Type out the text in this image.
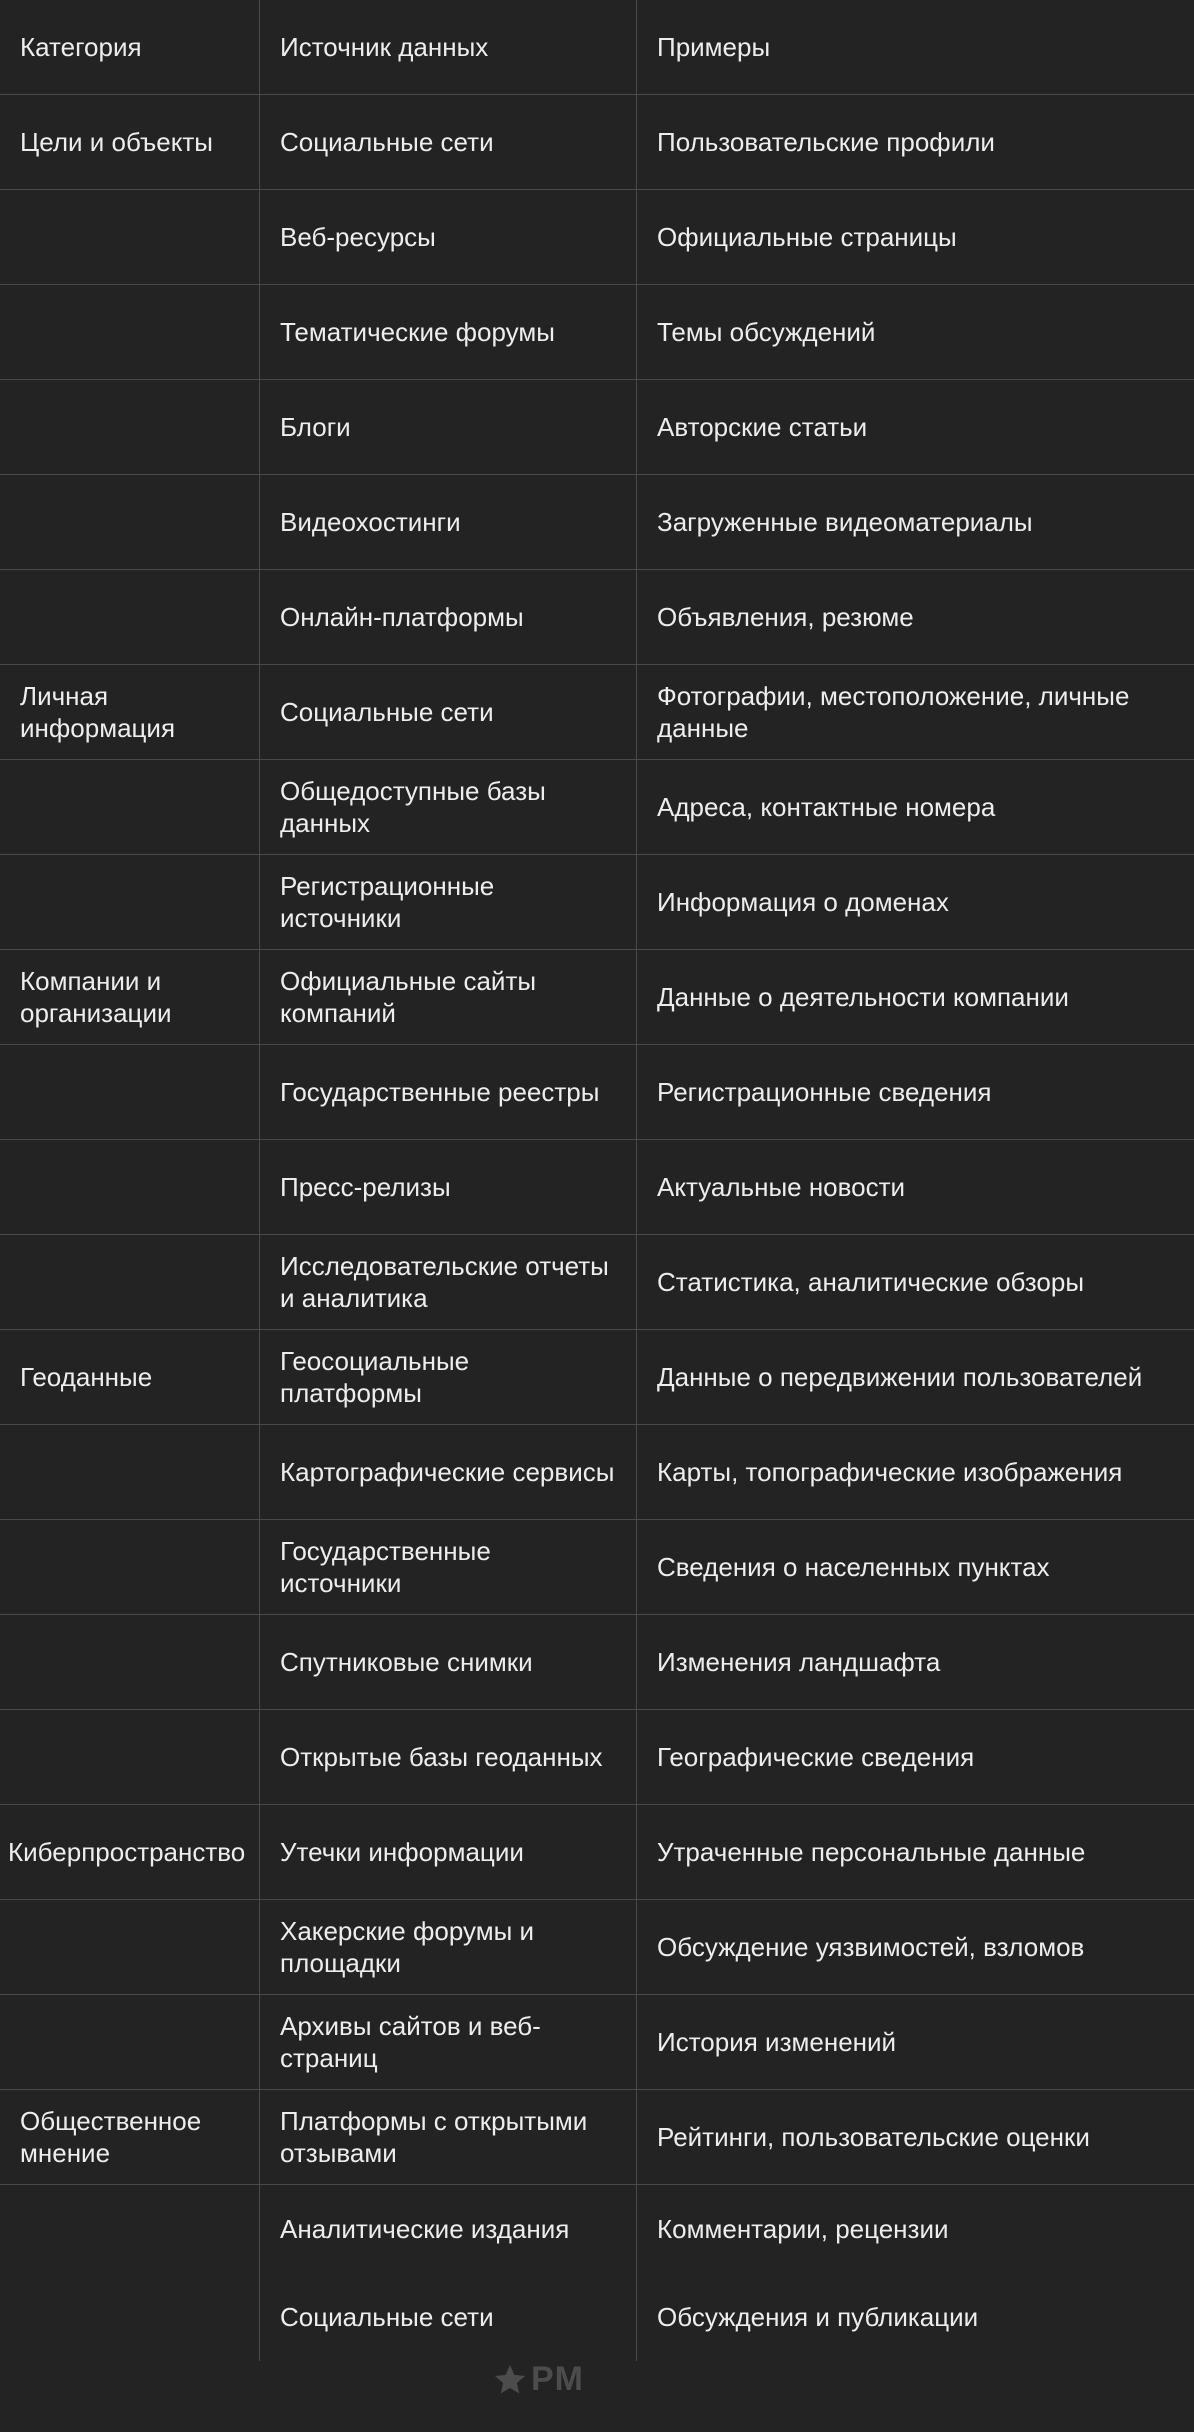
Категория	Источник данных	Примеры
Цели и объекты	Социальные сети	Пользовательские профили
	Веб-ресурсы	Официальные страницы
	Тематические форумы	Темы обсуждений
	Блоги	Авторские статьи
	Видеохостинги	Загруженные видеоматериалы
	Онлайн-платформы	Объявления, резюме
Личная информация	Социальные сети	Фотографии, местоположение, личные данные
	Общедоступные базы данных	Адреса, контактные номера
	Регистрационные источники	Информация о доменах
Компании и организации	Официальные сайты компаний	Данные о деятельности компании
	Государственные реестры	Регистрационные сведения
	Пресс-релизы	Актуальные новости
	Исследовательские отчеты и аналитика	Статистика, аналитические обзоры
Геоданные	Геосоциальные платформы	Данные о передвижении пользователей
	Картографические сервисы	Карты, топографические изображения
	Государственные источники	Сведения о населенных пунктах
	Спутниковые снимки	Изменения ландшафта
	Открытые базы геоданных	Географические сведения
Киберпространство	Утечки информации	Утраченные персональные данные
	Хакерские форумы и площадки	Обсуждение уязвимостей, взломов
	Архивы сайтов и веб-страниц	История изменений
Общественное мнение	Платформы с открытыми отзывами	Рейтинги, пользовательские оценки
	Аналитические издания	Комментарии, рецензии
	Социальные сети	Обсуждения и публикации
PM
